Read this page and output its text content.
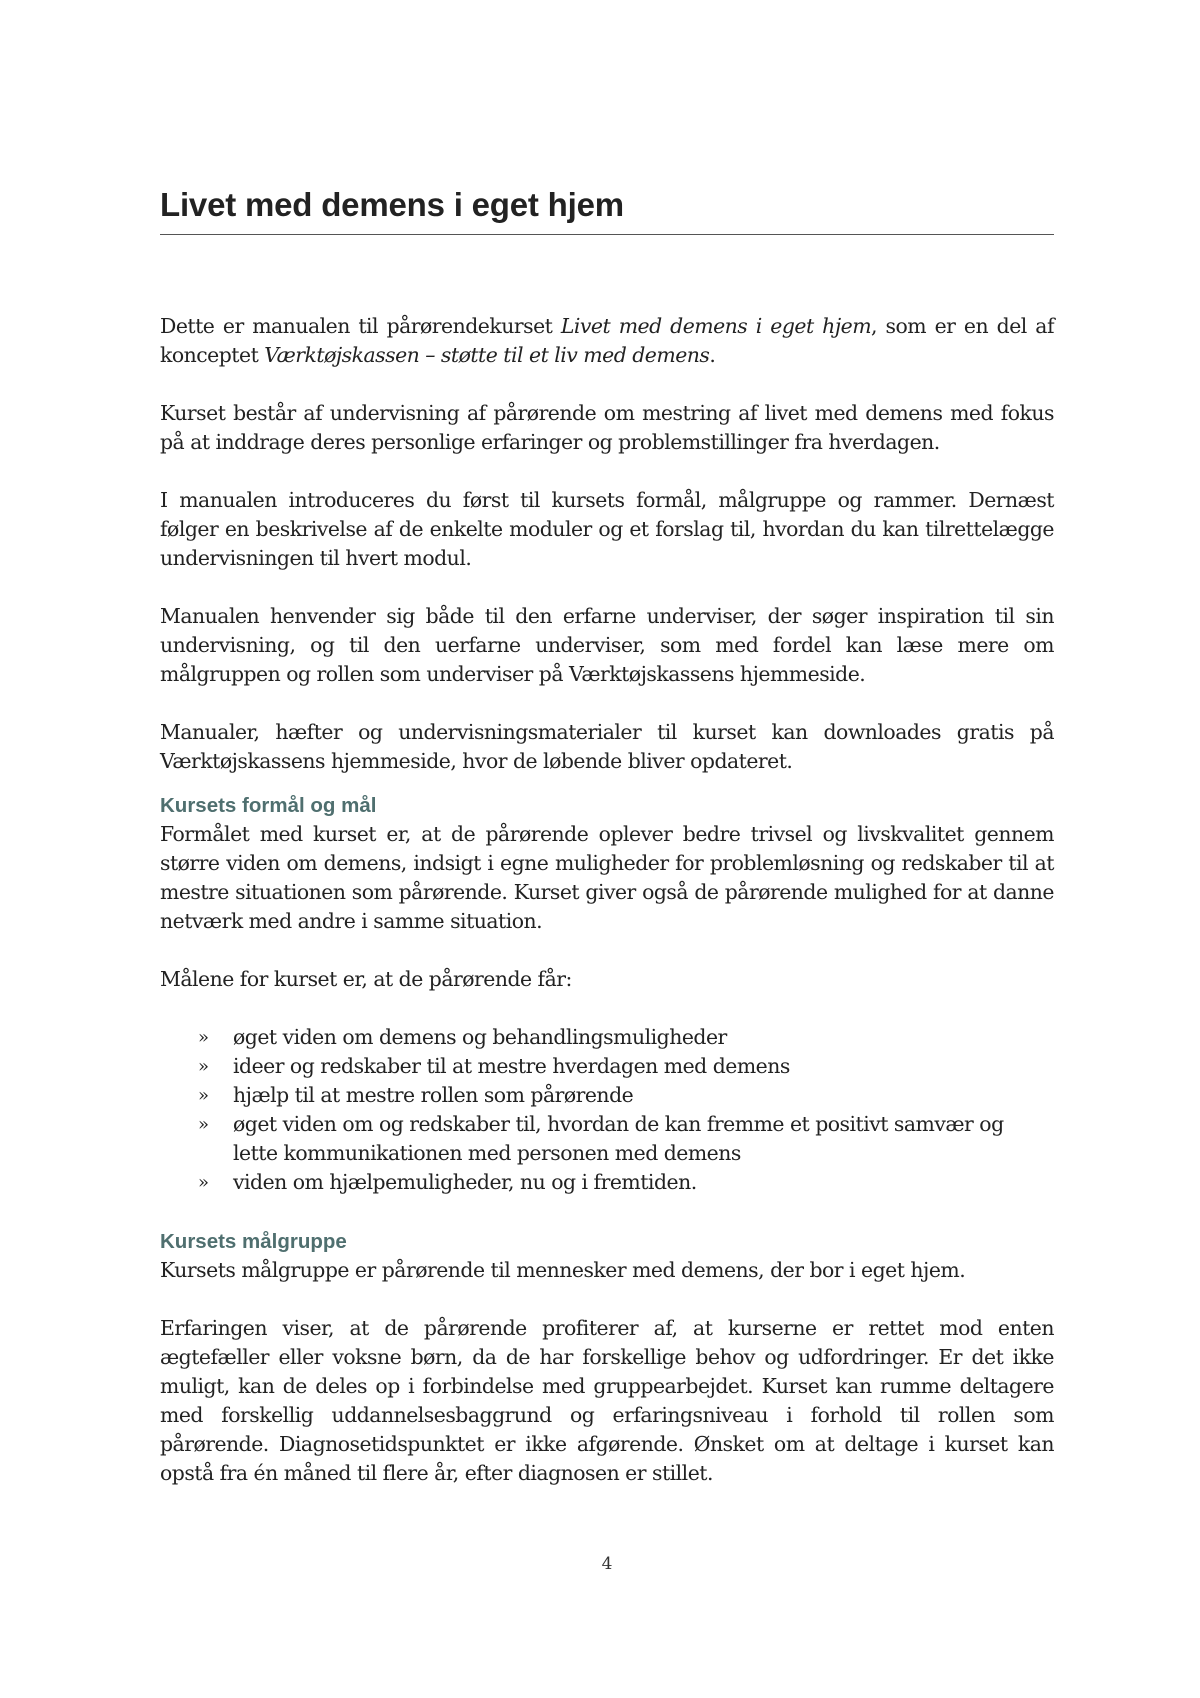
Livet med demens i eget hjem

Dette er manualen til pårørendekurset Livet med demens i eget hjem, som er en del af konceptet Værktøjskassen – støtte til et liv med demens.

Kurset består af undervisning af pårørende om mestring af livet med demens med fokus på at inddrage deres personlige erfaringer og problemstillinger fra hverdagen.

I manualen introduceres du først til kursets formål, målgruppe og rammer. Dernæst følger en beskrivelse af de enkelte moduler og et forslag til, hvordan du kan tilrettelægge undervisningen til hvert modul.

Manualen henvender sig både til den erfarne underviser, der søger inspiration til sin undervisning, og til den uerfarne underviser, som med fordel kan læse mere om målgruppen og rollen som underviser på Værktøjskassens hjemmeside.

Manualer, hæfter og undervisningsmaterialer til kurset kan downloades gratis på Værktøjskassens hjemmeside, hvor de løbende bliver opdateret.

Kursets formål og mål

Formålet med kurset er, at de pårørende oplever bedre trivsel og livskvalitet gennem større viden om demens, indsigt i egne muligheder for problemløsning og redskaber til at mestre situationen som pårørende. Kurset giver også de pårørende mulighed for at danne netværk med andre i samme situation.

Målene for kurset er, at de pårørende får:

» øget viden om demens og behandlingsmuligheder
» ideer og redskaber til at mestre hverdagen med demens
» hjælp til at mestre rollen som pårørende
» øget viden om og redskaber til, hvordan de kan fremme et positivt samvær og lette kommunikationen med personen med demens
» viden om hjælpemuligheder, nu og i fremtiden.
Kursets målgruppe

Kursets målgruppe er pårørende til mennesker med demens, der bor i eget hjem.

Erfaringen viser, at de pårørende profiterer af, at kurserne er rettet mod enten ægtefæller eller voksne børn, da de har forskellige behov og udfordringer. Er det ikke muligt, kan de deles op i forbindelse med gruppearbejdet. Kurset kan rumme deltagere med forskellig uddannelsesbaggrund og erfaringsniveau i forhold til rollen som pårørende. Diagnosetidspunktet er ikke afgørende. Ønsket om at deltage i kurset kan opstå fra én måned til flere år, efter diagnosen er stillet.

4
